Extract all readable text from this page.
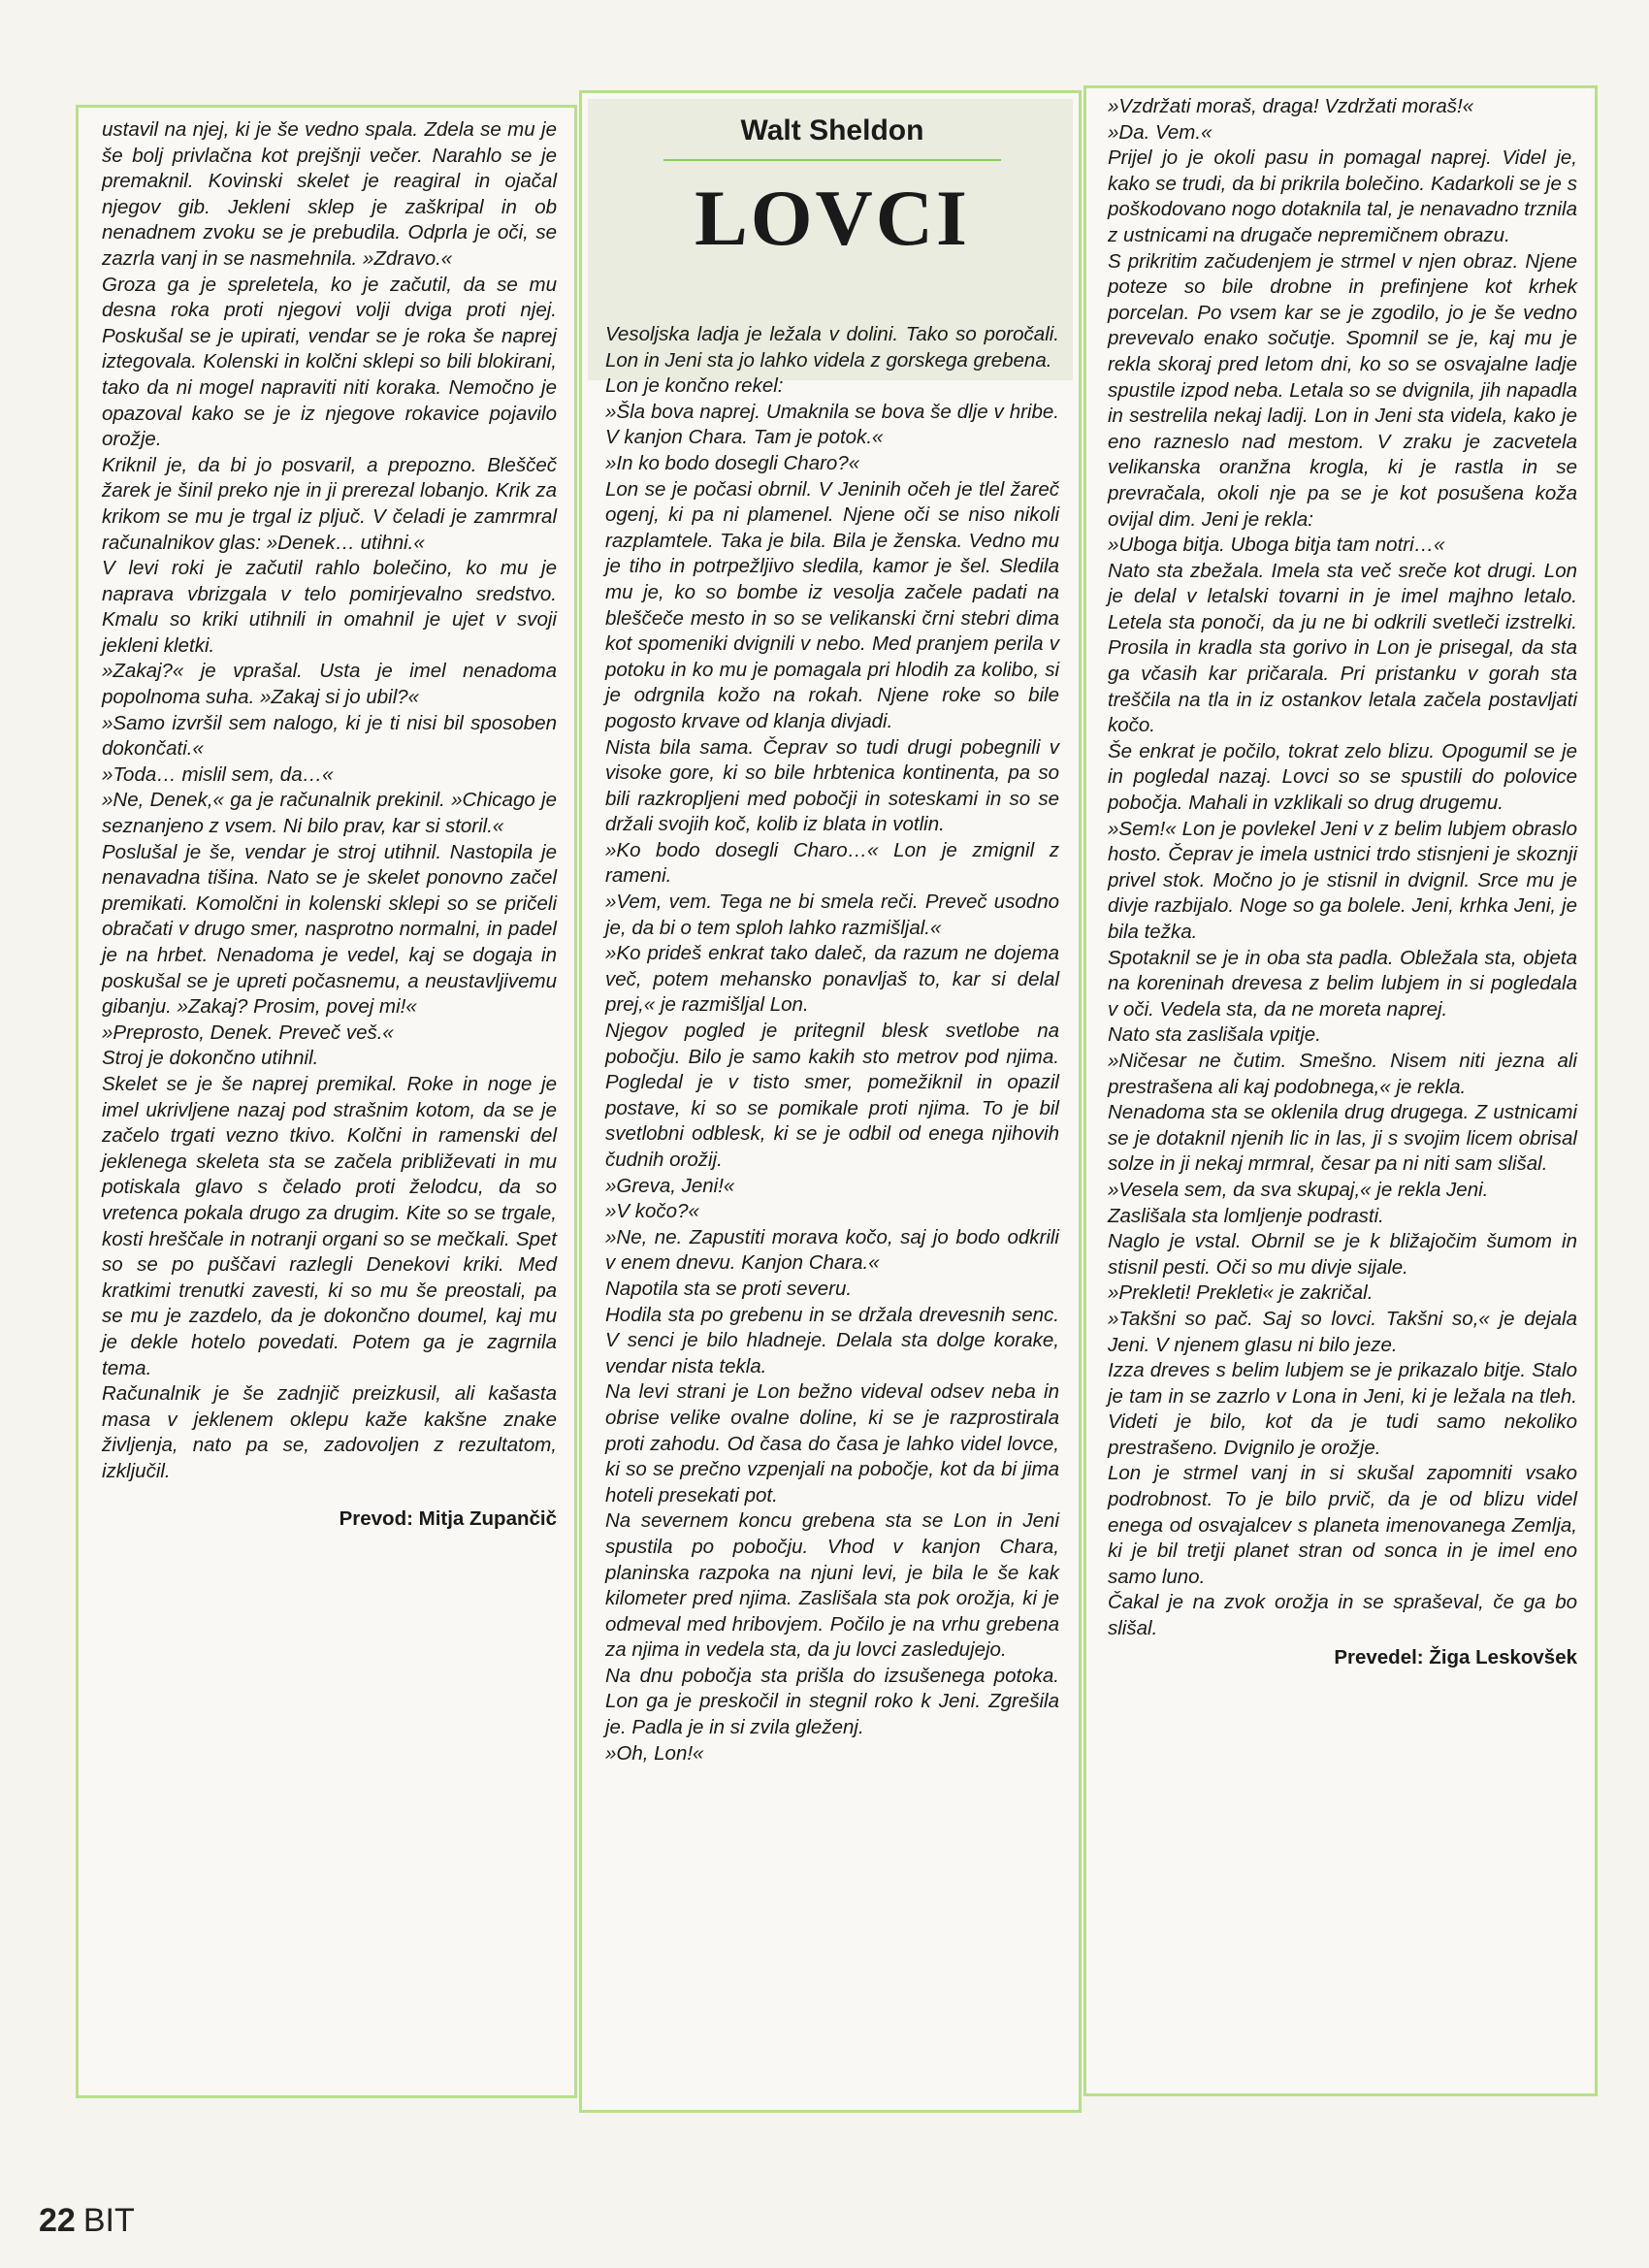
ustavil na njej, ki je še vedno spala. Zdela se mu je še bolj privlačna kot prejšnji večer. Narahlo se je premaknil. Kovinski skelet je reagiral in ojačal njegov gib. Jekleni sklep je zaškripal in ob nenadnem zvoku se je prebudila. Odprla je oči, se zazrla vanj in se nasmehnila. »Zdravo.«
Groza ga je spreletela, ko je začutil, da se mu desna roka proti njegovi volji dviga proti njej. Poskušal se je upirati, vendar se je roka še naprej iztegovala. Kolenski in kolčni sklepi so bili blokirani, tako da ni mogel napraviti niti koraka. Nemočno je opazoval kako se je iz njegove rokavice pojavilo orožje.
Kriknil je, da bi jo posvaril, a prepozno. Bleščeč žarek je šinil preko nje in ji prerezal lobanjo. Krik za krikom se mu je trgal iz pljuč. V čeladi je zamrmral računalnikov glas: »Denek… utihni.«
V levi roki je začutil rahlo bolečino, ko mu je naprava vbrizgala v telo pomirjevalno sredstvo. Kmalu so kriki utihnili in omahnil je ujet v svoji jekleni kletki.
»Zakaj?« je vprašal. Usta je imel nenadoma popolnoma suha. »Zakaj si jo ubil?«
»Samo izvršil sem nalogo, ki je ti nisi bil sposoben dokončati.«
»Toda… mislil sem, da…«
»Ne, Denek,« ga je računalnik prekinil. »Chicago je seznanjeno z vsem. Ni bilo prav, kar si storil.«
Poslušal je še, vendar je stroj utihnil. Nastopila je nenavadna tišina. Nato se je skelet ponovno začel premikati. Komolčni in kolenski sklepi so se pričeli obračati v drugo smer, nasprotno normalni, in padel je na hrbet. Nenadoma je vedel, kaj se dogaja in poskušal se je upreti počasnemu, a neustavljivemu gibanju. »Zakaj? Prosim, povej mi!«
»Preprosto, Denek. Preveč veš.«
Stroj je dokončno utihnil.
Skelet se je še naprej premikal. Roke in noge je imel ukrivljene nazaj pod strašnim kotom, da se je začelo trgati vezno tkivo. Kolčni in ramenski del jeklenega skeleta sta se začela približevati in mu potiskala glavo s čelado proti želodcu, da so vretenca pokala drugo za drugim. Kite so se trgale, kosti hreščale in notranji organi so se mečkali. Spet so se po puščavi razlegli Denekovi kriki. Med kratkimi trenutki zavesti, ki so mu še preostali, pa se mu je zazdelo, da je dokončno doumel, kaj mu je dekle hotelo povedati. Potem ga je zagrnila tema.
Računalnik je še zadnjič preizkusil, ali kašasta masa v jeklenem oklepu kaže kakšne znake življenja, nato pa se, zadovoljen z rezultatom, izključil.

Prevod: Mitja Zupančič

Walt Sheldon

LOVCI

Vesoljska ladja je ležala v dolini. Tako so poročali. Lon in Jeni sta jo lahko videla z gorskega grebena.
Lon je končno rekel:
»Šla bova naprej. Umaknila se bova še dlje v hribe. V kanjon Chara. Tam je potok.«
»In ko bodo dosegli Charo?«
Lon se je počasi obrnil. V Jeninih očeh je tlel žareč ogenj, ki pa ni plamenel. Njene oči se niso nikoli razplamtele. Taka je bila. Bila je ženska. Vedno mu je tiho in potrpežljivo sledila, kamor je šel. Sledila mu je, ko so bombe iz vesolja začele padati na bleščeče mesto in so se velikanski črni stebri dima kot spomeniki dvignili v nebo. Med pranjem perila v potoku in ko mu je pomagala pri hlodih za kolibo, si je odrgnila kožo na rokah. Njene roke so bile pogosto krvave od klanja divjadi.
Nista bila sama. Čeprav so tudi drugi pobegnili v visoke gore, ki so bile hrbtenica kontinenta, pa so bili razkropljeni med pobočji in soteskami in so se držali svojih koč, kolib iz blata in votlin.
»Ko bodo dosegli Charo…« Lon je zmignil z rameni.
»Vem, vem. Tega ne bi smela reči. Preveč usodno je, da bi o tem sploh lahko razmišljal.«
»Ko prideš enkrat tako daleč, da razum ne dojema več, potem mehansko ponavljaš to, kar si delal prej,« je razmišljal Lon.
Njegov pogled je pritegnil blesk svetlobe na pobočju. Bilo je samo kakih sto metrov pod njima. Pogledal je v tisto smer, pomežiknil in opazil postave, ki so se pomikale proti njima. To je bil svetlobni odblesk, ki se je odbil od enega njihovih čudnih orožij.
»Greva, Jeni!«
»V kočo?«
»Ne, ne. Zapustiti morava kočo, saj jo bodo odkrili v enem dnevu. Kanjon Chara.«
Napotila sta se proti severu.
Hodila sta po grebenu in se držala drevesnih senc. V senci je bilo hladneje. Delala sta dolge korake, vendar nista tekla.
Na levi strani je Lon bežno videval odsev neba in obrise velike ovalne doline, ki se je razprostirala proti zahodu. Od časa do časa je lahko videl lovce, ki so se prečno vzpenjali na pobočje, kot da bi jima hoteli presekati pot.
Na severnem koncu grebena sta se Lon in Jeni spustila po pobočju. Vhod v kanjon Chara, planinska razpoka na njuni levi, je bila le še kak kilometer pred njima. Zaslišala sta pok orožja, ki je odmeval med hribovjem. Počilo je na vrhu grebena za njima in vedela sta, da ju lovci zasledujejo.
Na dnu pobočja sta prišla do izsušenega potoka. Lon ga je preskočil in stegnil roko k Jeni. Zgrešila je. Padla je in si zvila gleženj.
»Oh, Lon!«

»Vzdržati moraš, draga! Vzdržati moraš!«
»Da. Vem.«
Prijel jo je okoli pasu in pomagal naprej. Videl je, kako se trudi, da bi prikrila bolečino. Kadarkoli se je s poškodovano nogo dotaknila tal, je nenavadno trznila z ustnicami na drugače nepremičnem obrazu.
S prikritim začudenjem je strmel v njen obraz. Njene poteze so bile drobne in prefinjene kot krhek porcelan. Po vsem kar se je zgodilo, jo je še vedno prevevalo enako sočutje. Spomnil se je, kaj mu je rekla skoraj pred letom dni, ko so se osvajalne ladje spustile izpod neba. Letala so se dvignila, jih napadla in sestrelila nekaj ladij. Lon in Jeni sta videla, kako je eno razneslo nad mestom. V zraku je zacvetela velikanska oranžna krogla, ki je rastla in se prevračala, okoli nje pa se je kot posušena koža ovijal dim. Jeni je rekla:
»Uboga bitja. Uboga bitja tam notri…«
Nato sta zbežala. Imela sta več sreče kot drugi. Lon je delal v letalski tovarni in je imel majhno letalo. Letela sta ponoči, da ju ne bi odkrili svetleči izstrelki. Prosila in kradla sta gorivo in Lon je prisegal, da sta ga včasih kar pričarala. Pri pristanku v gorah sta treščila na tla in iz ostankov letala začela postavljati kočo.
Še enkrat je počilo, tokrat zelo blizu. Opogumil se je in pogledal nazaj. Lovci so se spustili do polovice pobočja. Mahali in vzklikali so drug drugemu.
»Sem!« Lon je povlekel Jeni v z belim lubjem obraslo hosto. Čeprav je imela ustnici trdo stisnjeni je skoznji privel stok. Močno jo je stisnil in dvignil. Srce mu je divje razbijalo. Noge so ga bolele. Jeni, krhka Jeni, je bila težka.
Spotaknil se je in oba sta padla. Obležala sta, objeta na koreninah drevesa z belim lubjem in si pogledala v oči. Vedela sta, da ne moreta naprej.
Nato sta zaslišala vpitje.
»Ničesar ne čutim. Smešno. Nisem niti jezna ali prestrašena ali kaj podobnega,« je rekla.
Nenadoma sta se oklenila drug drugega. Z ustnicami se je dotaknil njenih lic in las, ji s svojim licem obrisal solze in ji nekaj mrmral, česar pa ni niti sam slišal.
»Vesela sem, da sva skupaj,« je rekla Jeni.
Zaslišala sta lomljenje podrasti.
Naglo je vstal. Obrnil se je k bližajočim šumom in stisnil pesti. Oči so mu divje sijale.
»Prekleti! Prekleti« je zakričal.
»Takšni so pač. Saj so lovci. Takšni so,« je dejala Jeni. V njenem glasu ni bilo jeze.
Izza dreves s belim lubjem se je prikazalo bitje. Stalo je tam in se zazrlo v Lona in Jeni, ki je ležala na tleh. Videti je bilo, kot da je tudi samo nekoliko prestrašeno. Dvignilo je orožje.
Lon je strmel vanj in si skušal zapomniti vsako podrobnost. To je bilo prvič, da je od blizu videl enega od osvajalcev s planeta imenovanega Zemlja, ki je bil tretji planet stran od sonca in je imel eno samo luno.
Čakal je na zvok orožja in se spraševal, če ga bo slišal.

Prevedel: Žiga Leskovšek

22 BIT
